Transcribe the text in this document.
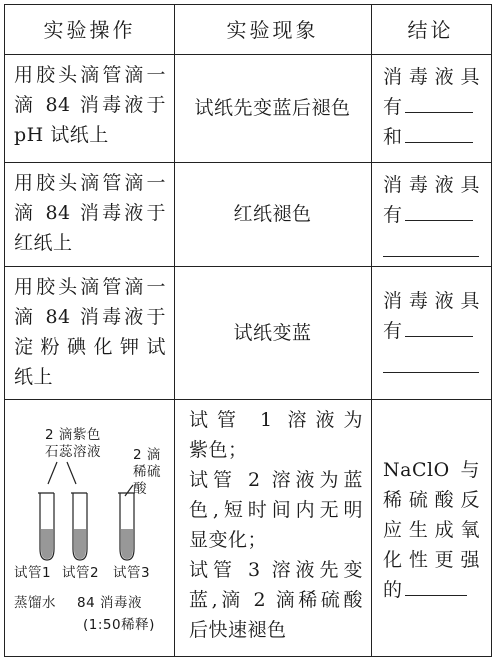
实验操作	实验现象	结论
用胶头滴管滴一
滴 84 消毒液于
pH 试纸上
试纸先变蓝后褪色
消毒液具
有
和
用胶头滴管滴一
滴 84 消毒液于
红纸上
红纸褪色
消毒液具
有
用胶头滴管滴一
滴 84 消毒液于
淀粉碘化钾试
纸上
试纸变蓝
消毒液具
有
2 滴紫色
石蕊溶液 2 滴
稀硫
酸
试管1 试管2 试管3
蒸馏水 84 消毒液
(1:50稀释)
试管 1 溶液为
紫色；
试管 2 溶液为蓝
色,短时间内无明
显变化；
试管 3 溶液先变
蓝,滴 2 滴稀硫酸
后快速褪色
NaClO 与
稀硫酸反
应生成氧
化性更强
的
